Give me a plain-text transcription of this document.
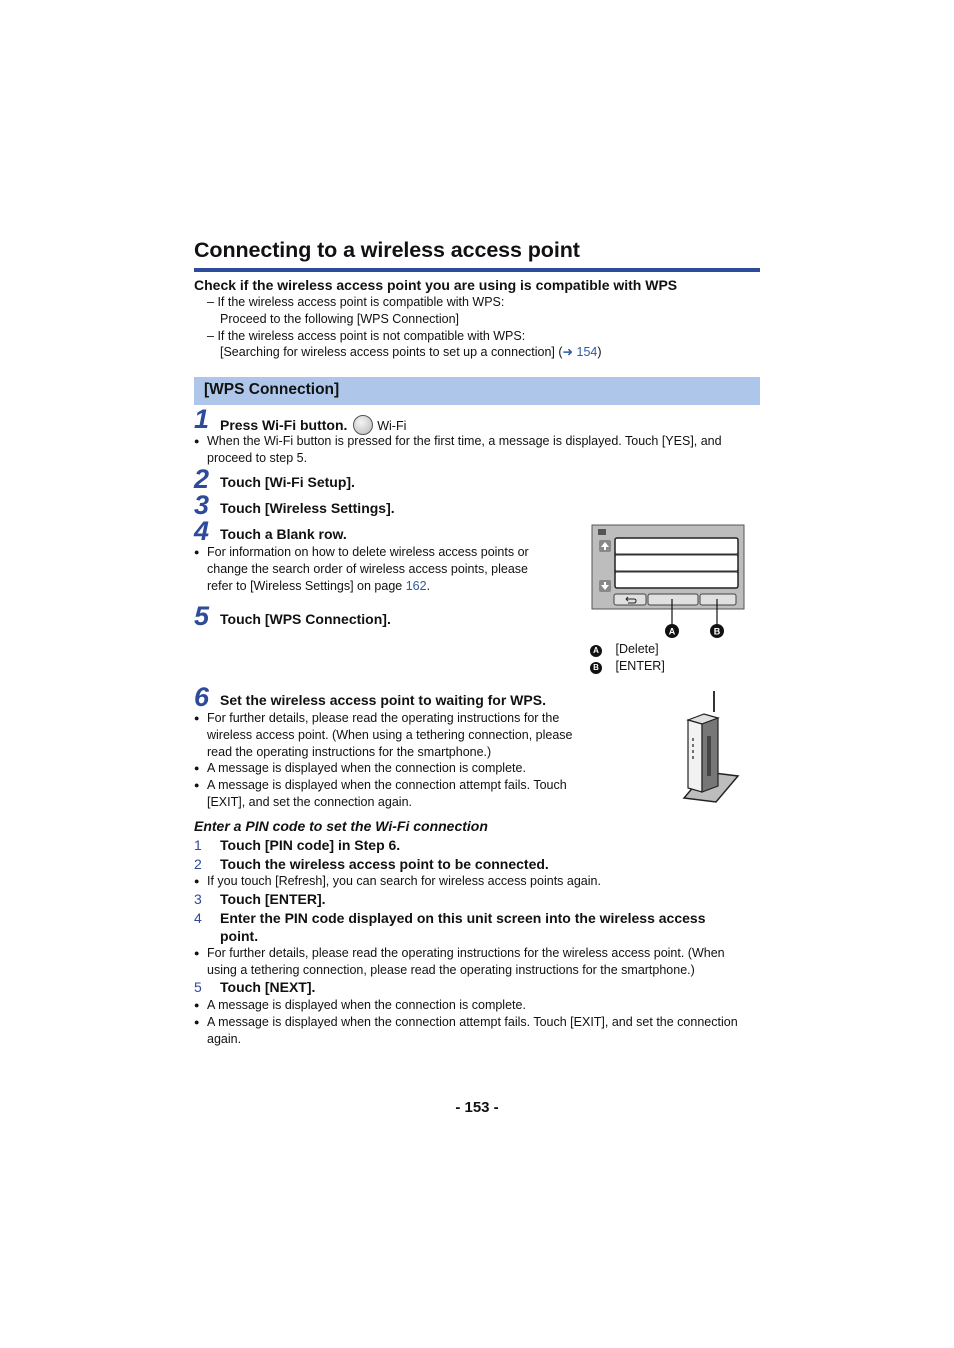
Connecting to a wireless access point
Check if the wireless access point you are using is compatible with WPS
– If the wireless access point is compatible with WPS:
Proceed to the following [WPS Connection]
– If the wireless access point is not compatible with WPS:
[Searching for wireless access points to set up a connection] (➜ 154)
[WPS Connection]
1 Press Wi-Fi button. Wi-Fi
● When the Wi-Fi button is pressed for the first time, a message is displayed. Touch [YES], and
proceed to step 5.
2 Touch [Wi-Fi Setup].
3 Touch [Wireless Settings].
4 Touch a Blank row.
● For information on how to delete wireless access points or
change the search order of wireless access points, please
refer to [Wireless Settings] on page 162.
5 Touch [WPS Connection].
A	B
A [Delete]
B [ENTER]
6 Set the wireless access point to waiting for WPS.
● For further details, please read the operating instructions for the
wireless access point. (When using a tethering connection, please
read the operating instructions for the smartphone.)
● A message is displayed when the connection is complete.
● A message is displayed when the connection attempt fails. Touch
[EXIT], and set the connection again.
Enter a PIN code to set the Wi-Fi connection
1 Touch [PIN code] in Step 6.
2 Touch the wireless access point to be connected.
● If you touch [Refresh], you can search for wireless access points again.
3 Touch [ENTER].
4 Enter the PIN code displayed on this unit screen into the wireless access
point.
● For further details, please read the operating instructions for the wireless access point. (When
using a tethering connection, please read the operating instructions for the smartphone.)
5 Touch [NEXT].
● A message is displayed when the connection is complete.
● A message is displayed when the connection attempt fails. Touch [EXIT], and set the connection
again.
- 153 -
